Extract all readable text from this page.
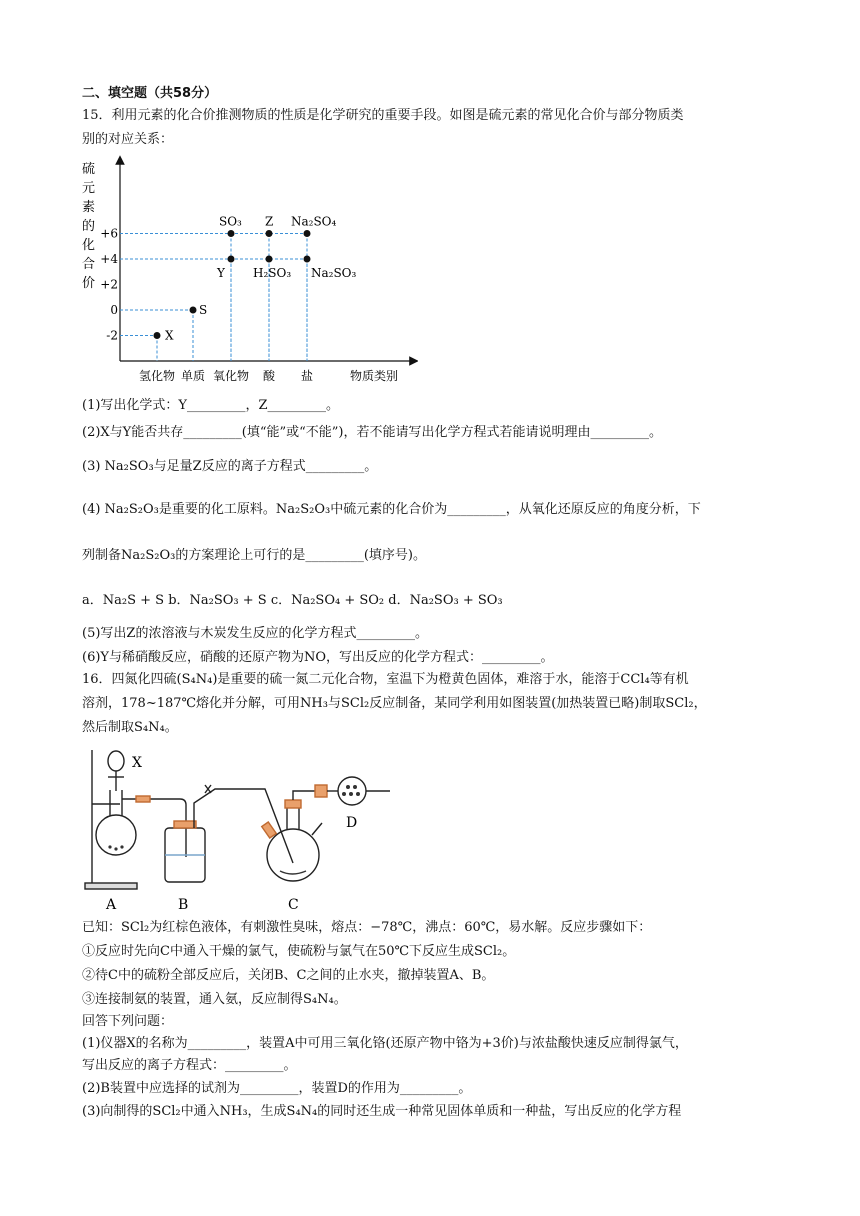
二、填空题（共58分）
15．利用元素的化合价推测物质的性质是化学研究的重要手段。如图是硫元素的常见化合价与部分物质类
别的对应关系：
硫
元
素
的
化
合
价
+6
+4
+2
0
-2
SO₃ Z Na₂SO₄
Y H₂SO₃ Na₂SO₃
S
X
氢化物 单质 氧化物 酸 盐	物质类别
(1)写出化学式：Y_________，Z_________。
(2)X与Y能否共存_________(填“能”或“不能”)，若不能请写出化学方程式若能请说明理由_________。
(3) Na₂SO₃与足量Z反应的离子方程式_________。
(4) Na₂S₂O₃是重要的化工原料。Na₂S₂O₃中硫元素的化合价为_________，从氧化还原反应的角度分析，下
列制备Na₂S₂O₃的方案理论上可行的是_________(填序号)。
a．Na₂S + S b．Na₂SO₃ + S c．Na₂SO₄ + SO₂ d．Na₂SO₃ + SO₃
(5)写出Z的浓溶液与木炭发生反应的化学方程式_________。
(6)Y与稀硝酸反应，硝酸的还原产物为NO，写出反应的化学方程式：_________。
16．四氮化四硫(S₄N₄)是重要的硫一氮二元化合物，室温下为橙黄色固体，难溶于水，能溶于CCl₄等有机
溶剂，178~187℃熔化并分解，可用NH₃与SCl₂反应制备，某同学利用如图装置(加热装置已略)制取SCl₂，
然后制取S₄N₄。
X
A	B	C
D
已知：SCl₂为红棕色液体，有刺激性臭味，熔点：−78℃，沸点：60℃，易水解。反应步骤如下：
①反应时先向C中通入干燥的氯气，使硫粉与氯气在50℃下反应生成SCl₂。
②待C中的硫粉全部反应后，关闭B、C之间的止水夹，撤掉装置A、B。
③连接制氨的装置，通入氨，反应制得S₄N₄。
回答下列问题：
(1)仪器X的名称为_________，装置A中可用三氧化铬(还原产物中铬为+3价)与浓盐酸快速反应制得氯气，
写出反应的离子方程式：_________。
(2)B装置中应选择的试剂为_________，装置D的作用为_________。
(3)向制得的SCl₂中通入NH₃，生成S₄N₄的同时还生成一种常见固体单质和一种盐，写出反应的化学方程
